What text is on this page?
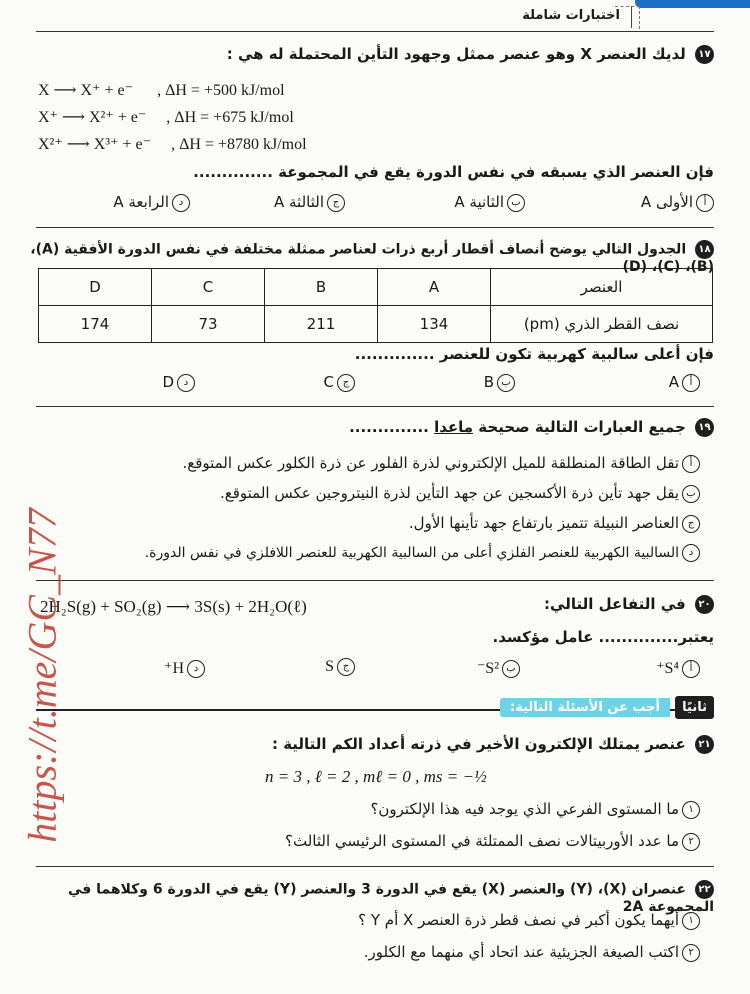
اختبارات شاملة
١٧ لديك العنصر X وهو عنصر ممثل وجهود التأين المحتملة له هي :
X ⟶ X⁺ + e⁻      , ΔH = +500 kJ/mol
X⁺ ⟶ X²⁺ + e⁻     , ΔH = +675 kJ/mol
X²⁺ ⟶ X³⁺ + e⁻     , ΔH = +8780 kJ/mol
فإن العنصر الذي يسبقه في نفس الدورة يقع في المجموعة ..............
أالأولى A
بالثانية A
جالثالثة A
دالرابعة A
١٨ الجدول التالي يوضح أنصاف أقطار أربع ذرات لعناصر ممثلة مختلفة في نفس الدورة الأفقية (A)، (B)، (C)، (D)
D	C	B	A	العنصر
174	73	211	134	نصف القطر الذري (pm)
فإن أعلى سالبية كهربية تكون للعنصر ..............
أA
بB
جC
دD
١٩ جميع العبارات التالية صحيحة ماعدا ..............
أتقل الطاقة المنطلقة للميل الإلكتروني لذرة الفلور عن ذرة الكلور عكس المتوقع.
بيقل جهد تأين ذرة الأكسجين عن جهد التأين لذرة النيتروجين عكس المتوقع.
جالعناصر النبيلة تتميز بارتفاع جهد تأينها الأول.
دالسالبية الكهربية للعنصر الفلزي أعلى من السالبية الكهربية للعنصر اللافلزي في نفس الدورة.
٢٠ في التفاعل التالي:
2H₂S(g) + SO₂(g) ⟶ 3S(s) + 2H₂O(ℓ)
يعتبر.............. عامل مؤكسد.
أS⁴⁺
بS²⁻
جS
دH⁺
أجب عن الأسئلة التالية:	ثانيًا
٢١ عنصر يمتلك الإلكترون الأخير في ذرته أعداد الكم التالية :
n = 3 , ℓ = 2 , mℓ = 0 , ms = −½
١ما المستوى الفرعي الذي يوجد فيه هذا الإلكترون؟
٢ما عدد الأوربيتالات نصف الممتلئة في المستوى الرئيسي الثالث؟
٢٢ عنصران (X)، (Y) والعنصر (X) يقع في الدورة 3 والعنصر (Y) يقع في الدورة 6 وكلاهما في المجموعة 2A
١أيهما يكون أكبر في نصف قطر ذرة العنصر X أم Y ؟
٢اكتب الصيغة الجزيئية عند اتحاد أي منهما مع الكلور.
https://t.me/GC_N77
